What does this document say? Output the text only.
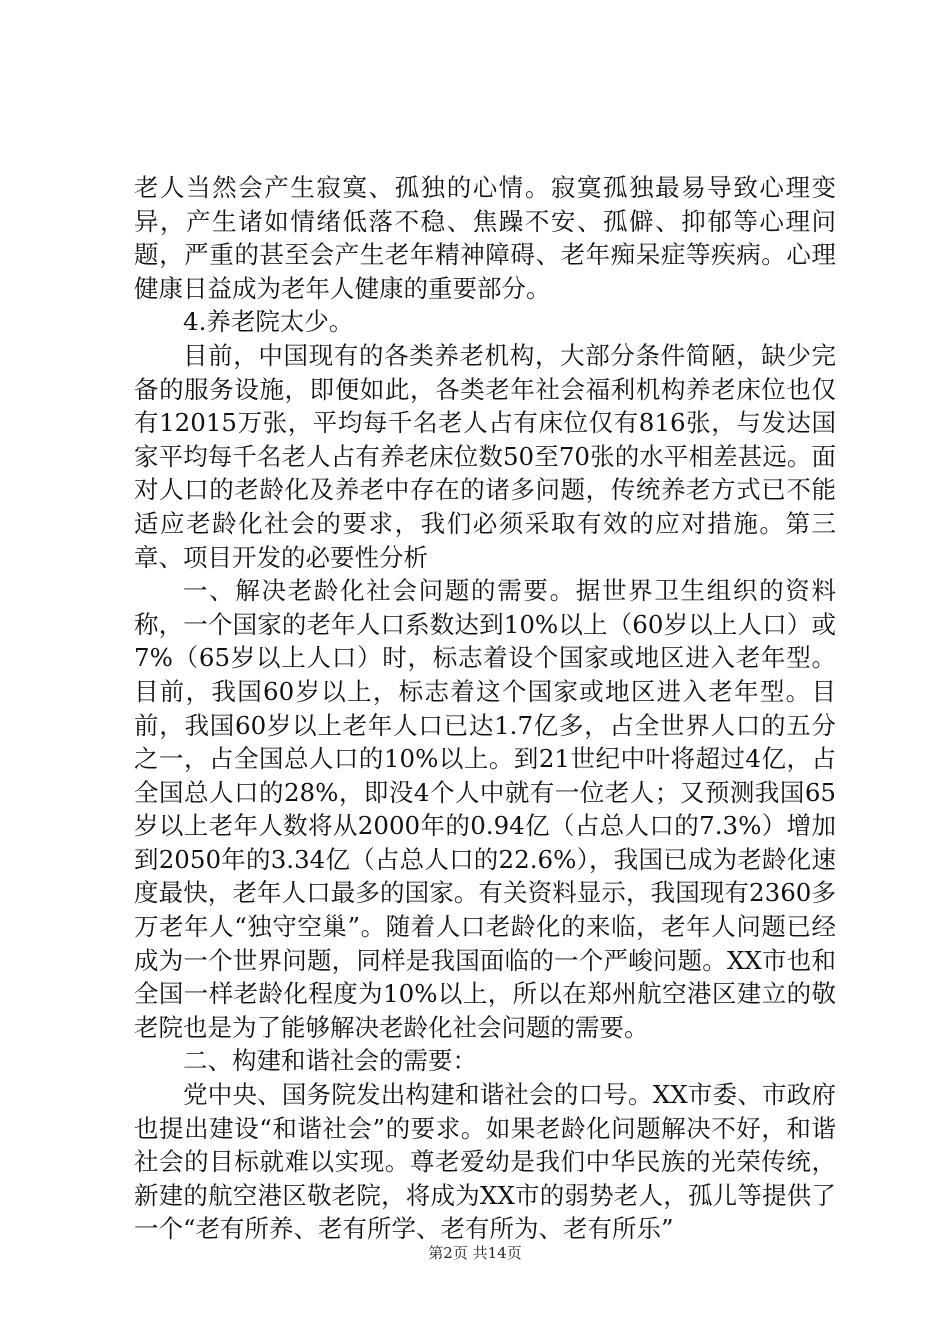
老人当然会产生寂寞、孤独的心情。寂寞孤独最易导致心理变异，产生诸如情绪低落不稳、焦躁不安、孤僻、抑郁等心理问题，严重的甚至会产生老年精神障碍、老年痴呆症等疾病。心理健康日益成为老年人健康的重要部分。

4.养老院太少。

目前，中国现有的各类养老机构，大部分条件简陋，缺少完备的服务设施，即便如此，各类老年社会福利机构养老床位也仅有12015万张，平均每千名老人占有床位仅有816张，与发达国家平均每千名老人占有养老床位数50至70张的水平相差甚远。面对人口的老龄化及养老中存在的诸多问题，传统养老方式已不能适应老龄化社会的要求，我们必须采取有效的应对措施。第三章、项目开发的必要性分析

一、解决老龄化社会问题的需要。据世界卫生组织的资料称，一个国家的老年人口系数达到10%以上（60岁以上人口）或7%（65岁以上人口）时，标志着设个国家或地区进入老年型。目前，我国60岁以上，标志着这个国家或地区进入老年型。目前，我国60岁以上老年人口已达1.7亿多，占全世界人口的五分之一，占全国总人口的10%以上。到21世纪中叶将超过4亿，占全国总人口的28%，即没4个人中就有一位老人；又预测我国65岁以上老年人数将从2000年的0.94亿（占总人口的7.3%）增加到2050年的3.34亿（占总人口的22.6%），我国已成为老龄化速度最快，老年人口最多的国家。有关资料显示，我国现有2360多万老年人“独守空巢”。随着人口老龄化的来临，老年人问题已经成为一个世界问题，同样是我国面临的一个严峻问题。XX市也和全国一样老龄化程度为10%以上，所以在郑州航空港区建立的敬老院也是为了能够解决老龄化社会问题的需要。

二、构建和谐社会的需要：

党中央、国务院发出构建和谐社会的口号。XX市委、市政府也提出建设“和谐社会”的要求。如果老龄化问题解决不好，和谐社会的目标就难以实现。尊老爱幼是我们中华民族的光荣传统，新建的航空港区敬老院，将成为XX市的弱势老人，孤儿等提供了一个“老有所养、老有所学、老有所为、老有所乐”

第2页 共14页
